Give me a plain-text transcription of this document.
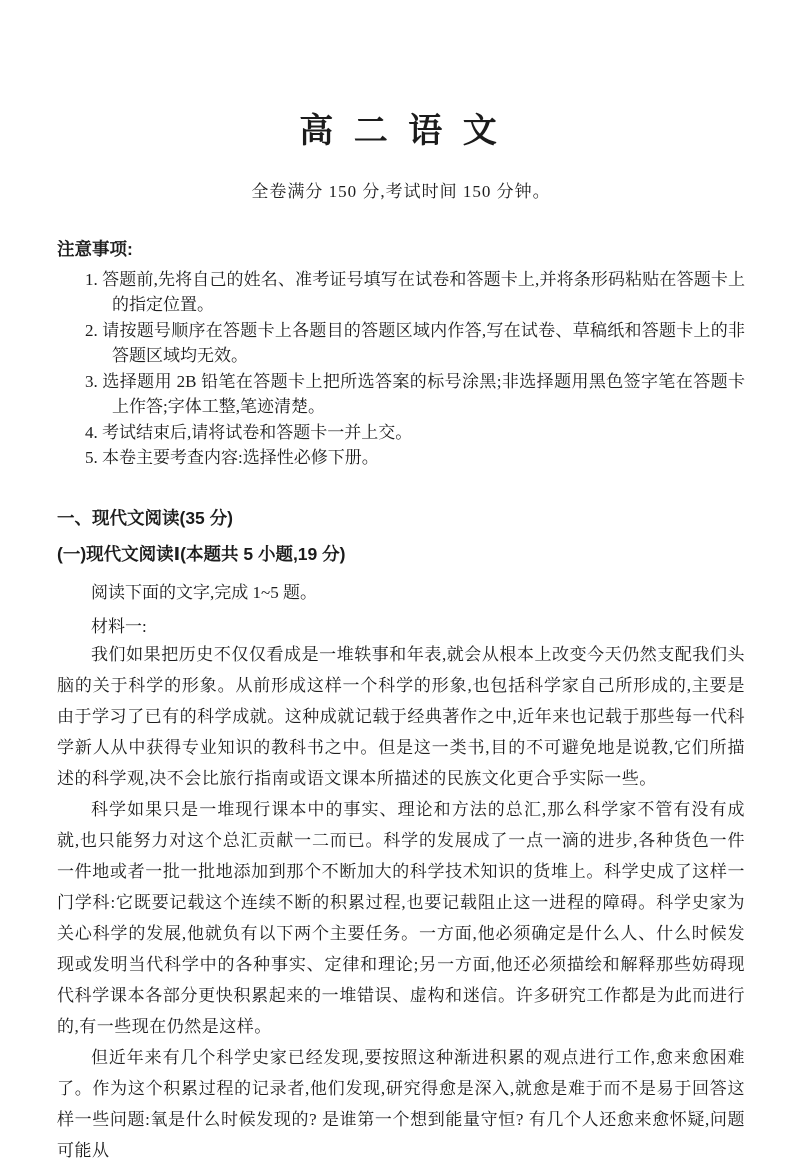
高 二 语 文
全卷满分 150 分,考试时间 150 分钟。
注意事项:
1. 答题前,先将自己的姓名、准考证号填写在试卷和答题卡上,并将条形码粘贴在答题卡上的指定位置。
2. 请按题号顺序在答题卡上各题目的答题区域内作答,写在试卷、草稿纸和答题卡上的非答题区域均无效。
3. 选择题用 2B 铅笔在答题卡上把所选答案的标号涂黑;非选择题用黑色签字笔在答题卡上作答;字体工整,笔迹清楚。
4. 考试结束后,请将试卷和答题卡一并上交。
5. 本卷主要考查内容:选择性必修下册。
一、现代文阅读(35 分)
(一)现代文阅读Ⅰ(本题共 5 小题,19 分)
阅读下面的文字,完成 1~5 题。
材料一:

我们如果把历史不仅仅看成是一堆轶事和年表,就会从根本上改变今天仍然支配我们头脑的关于科学的形象。从前形成这样一个科学的形象,也包括科学家自己所形成的,主要是由于学习了已有的科学成就。这种成就记载于经典著作之中,近年来也记载于那些每一代科学新人从中获得专业知识的教科书之中。但是这一类书,目的不可避免地是说教,它们所描述的科学观,决不会比旅行指南或语文课本所描述的民族文化更合乎实际一些。

科学如果只是一堆现行课本中的事实、理论和方法的总汇,那么科学家不管有没有成就,也只能努力对这个总汇贡献一二而已。科学的发展成了一点一滴的进步,各种货色一件一件地或者一批一批地添加到那个不断加大的科学技术知识的货堆上。科学史成了这样一门学科:它既要记载这个连续不断的积累过程,也要记载阻止这一进程的障碍。科学史家为关心科学的发展,他就负有以下两个主要任务。一方面,他必须确定是什么人、什么时候发现或发明当代科学中的各种事实、定律和理论;另一方面,他还必须描绘和解释那些妨碍现代科学课本各部分更快积累起来的一堆错误、虚构和迷信。许多研究工作都是为此而进行的,有一些现在仍然是这样。

但近年来有几个科学史家已经发现,要按照这种渐进积累的观点进行工作,愈来愈困难了。作为这个积累过程的记录者,他们发现,研究得愈是深入,就愈是难于而不是易于回答这样一些问题:氧是什么时候发现的? 是谁第一个想到能量守恒? 有几个人还愈来愈怀疑,问题可能从
